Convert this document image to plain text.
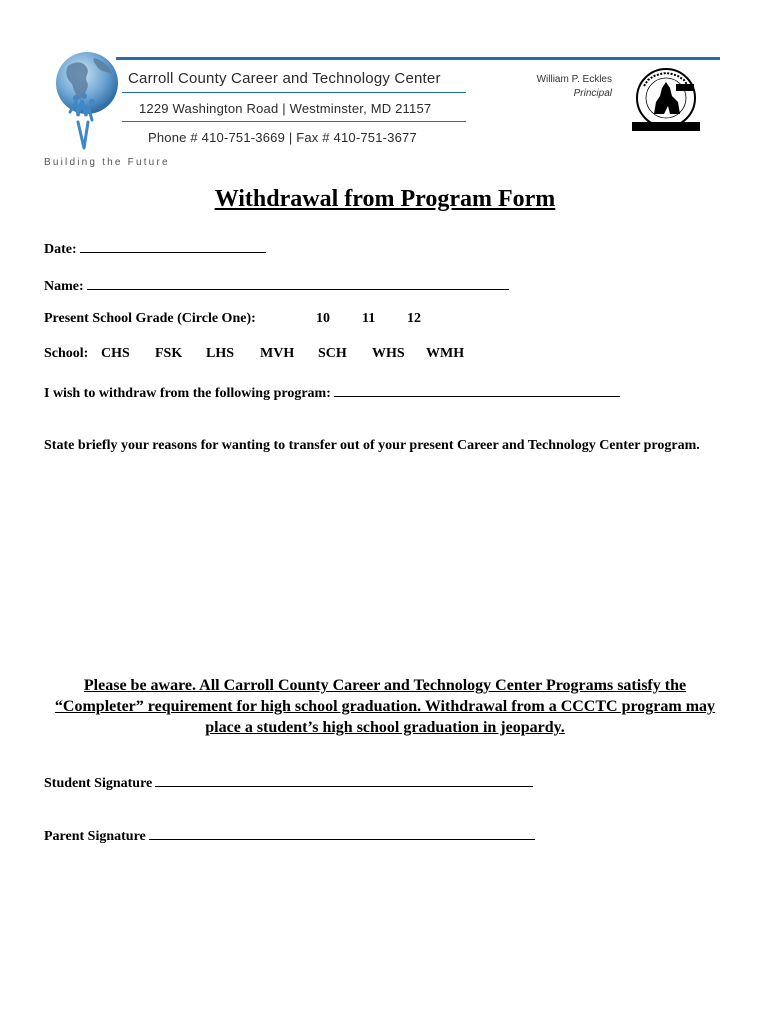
Carroll County Career and Technology Center
1229 Washington Road | Westminster, MD 21157
Phone # 410-751-3669 | Fax # 410-751-3677
Building the Future
William P. Eckles
Principal
Withdrawal from Program Form
Date:
Name:
Present School Grade (Circle One):	10 11 12
School: CHS FSK LHS MVH SCH WHS WMH
I wish to withdraw from the following program:
State briefly your reasons for wanting to transfer out of your present Career and Technology Center program.
Please be aware. All Carroll County Career and Technology Center Programs satisfy the “Completer” requirement for high school graduation. Withdrawal from a CCCTC program may place a student’s high school graduation in jeopardy.
Student Signature
Parent Signature
